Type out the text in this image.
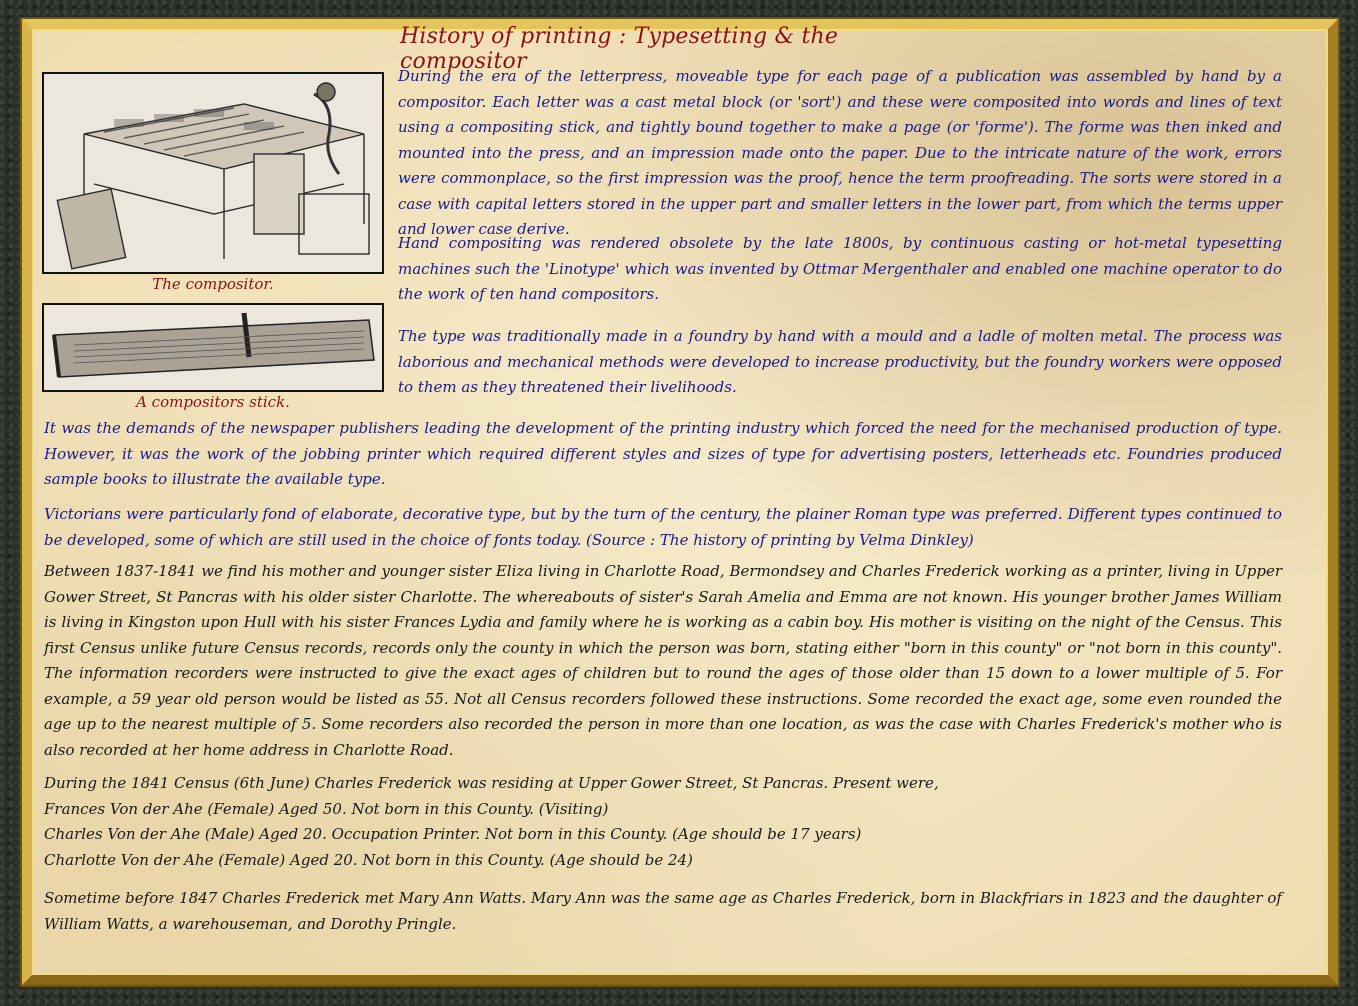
History of printing : Typesetting & the compositor
The compositor.
A compositors stick.

During the era of the letterpress, moveable type for each page of a publication was assembled by hand by a compositor. Each letter was a cast metal block (or 'sort') and these were composited into words and lines of text using a compositing stick, and tightly bound together to make a page (or 'forme'). The forme was then inked and mounted into the press, and an impression made onto the paper. Due to the intricate nature of the work, errors were commonplace, so the first impression was the proof, hence the term proofreading. The sorts were stored in a case with capital letters stored in the upper part and smaller letters in the lower part, from which the terms upper and lower case derive.

Hand compositing was rendered obsolete by the late 1800s, by continuous casting or hot-metal typesetting machines such the 'Linotype' which was invented by Ottmar Mergenthaler and enabled one machine operator to do the work of ten hand compositors.

The type was traditionally made in a foundry by hand with a mould and a ladle of molten metal. The process was laborious and mechanical methods were developed to increase productivity, but the foundry workers were opposed to them as they threatened their livelihoods.

It was the demands of the newspaper publishers leading the development of the printing industry which forced the need for the mechanised production of type. However, it was the work of the jobbing printer which required different styles and sizes of type for advertising posters, letterheads etc. Foundries produced sample books to illustrate the available type.

Victorians were particularly fond of elaborate, decorative type, but by the turn of the century, the plainer Roman type was preferred. Different types continued to be developed, some of which are still used in the choice of fonts today. (Source : The history of printing by Velma Dinkley)

Between 1837-1841 we find his mother and younger sister Eliza living in Charlotte Road, Bermondsey and Charles Frederick working as a printer, living in Upper Gower Street, St Pancras with his older sister Charlotte. The whereabouts of sister's Sarah Amelia and Emma are not known. His younger brother James William is living in Kingston upon Hull with his sister Frances Lydia and family where he is working as a cabin boy. His mother is visiting on the night of the Census. This first Census unlike future Census records, records only the county in which the person was born, stating either "born in this county" or "not born in this county". The information recorders were instructed to give the exact ages of children but to round the ages of those older than 15 down to a lower multiple of 5. For example, a 59 year old person would be listed as 55. Not all Census recorders followed these instructions. Some recorded the exact age, some even rounded the age up to the nearest multiple of 5. Some recorders also recorded the person in more than one location, as was the case with Charles Frederick's mother who is also recorded at her home address in Charlotte Road.

During the 1841 Census (6th June) Charles Frederick was residing at Upper Gower Street, St Pancras. Present were,
Frances Von der Ahe (Female) Aged 50. Not born in this County. (Visiting)
Charles Von der Ahe (Male) Aged 20. Occupation Printer. Not born in this County. (Age should be 17 years)
Charlotte Von der Ahe (Female) Aged 20. Not born in this County. (Age should be 24)

Sometime before 1847 Charles Frederick met Mary Ann Watts. Mary Ann was the same age as Charles Frederick, born in Blackfriars in 1823 and the daughter of William Watts, a warehouseman, and Dorothy Pringle.
